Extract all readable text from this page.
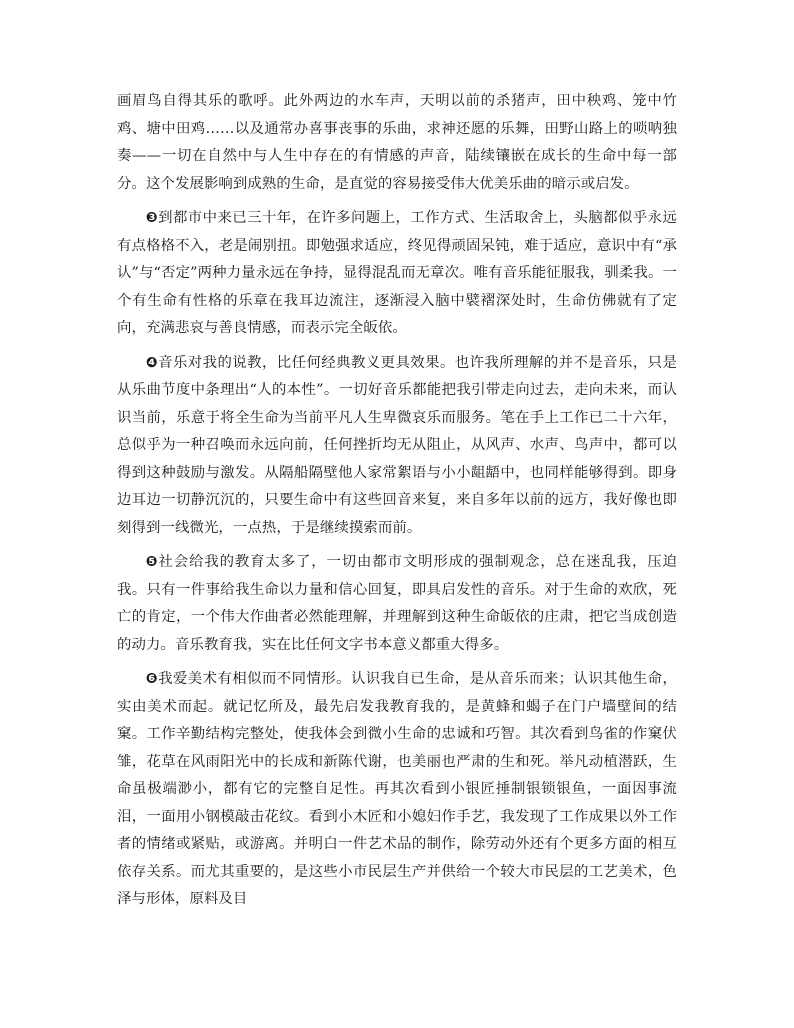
画眉鸟自得其乐的歌呼。此外两边的水车声，天明以前的杀猪声，田中秧鸡、笼中竹鸡、塘中田鸡……以及通常办喜事丧事的乐曲，求神还愿的乐舞，田野山路上的唢呐独奏——一切在自然中与人生中存在的有情感的声音，陆续镶嵌在成长的生命中每一部分。这个发展影响到成熟的生命，是直觉的容易接受伟大优美乐曲的暗示或启发。

❸到都市中来已三十年，在许多问题上，工作方式、生活取舍上，头脑都似乎永远有点格格不入，老是闹别扭。即勉强求适应，终见得顽固呆钝，难于适应，意识中有“承认”与“否定”两种力量永远在争持，显得混乱而无章次。唯有音乐能征服我，驯柔我。一个有生命有性格的乐章在我耳边流注，逐渐浸入脑中襞褶深处时，生命仿佛就有了定向，充满悲哀与善良情感，而表示完全皈依。

❹音乐对我的说教，比任何经典教义更具效果。也许我所理解的并不是音乐，只是从乐曲节度中条理出“人的本性”。一切好音乐都能把我引带走向过去，走向未来，而认识当前，乐意于将全生命为当前平凡人生卑微哀乐而服务。笔在手上工作已二十六年，总似乎为一种召唤而永远向前，任何挫折均无从阻止，从风声、水声、鸟声中，都可以得到这种鼓励与激发。从隔船隔壁他人家常絮语与小小龃龉中，也同样能够得到。即身边耳边一切静沉沉的，只要生命中有这些回音来复，来自多年以前的远方，我好像也即刻得到一线微光，一点热，于是继续摸索而前。

❺社会给我的教育太多了，一切由都市文明形成的强制观念，总在迷乱我，压迫我。只有一件事给我生命以力量和信心回复，即具启发性的音乐。对于生命的欢欣，死亡的肯定，一个伟大作曲者必然能理解，并理解到这种生命皈依的庄肃，把它当成创造的动力。音乐教育我，实在比任何文字书本意义都重大得多。

❻我爱美术有相似而不同情形。认识我自已生命，是从音乐而来；认识其他生命，实由美术而起。就记忆所及，最先启发我教育我的，是黄蜂和蝎子在门户墙壁间的结窠。工作辛勤结构完整处，使我体会到微小生命的忠诚和巧智。其次看到鸟雀的作窠伏雏，花草在风雨阳光中的长成和新陈代谢，也美丽也严肃的生和死。举凡动植潜跃，生命虽极端渺小，都有它的完整自足性。再其次看到小银匠捶制银锁银鱼，一面因事流泪，一面用小钢模敲击花纹。看到小木匠和小媳妇作手艺，我发现了工作成果以外工作者的情绪或紧贴，或游离。并明白一件艺术品的制作，除劳动外还有个更多方面的相互依存关系。而尤其重要的，是这些小市民层生产并供给一个较大市民层的工艺美术，色泽与形体，原料及目
